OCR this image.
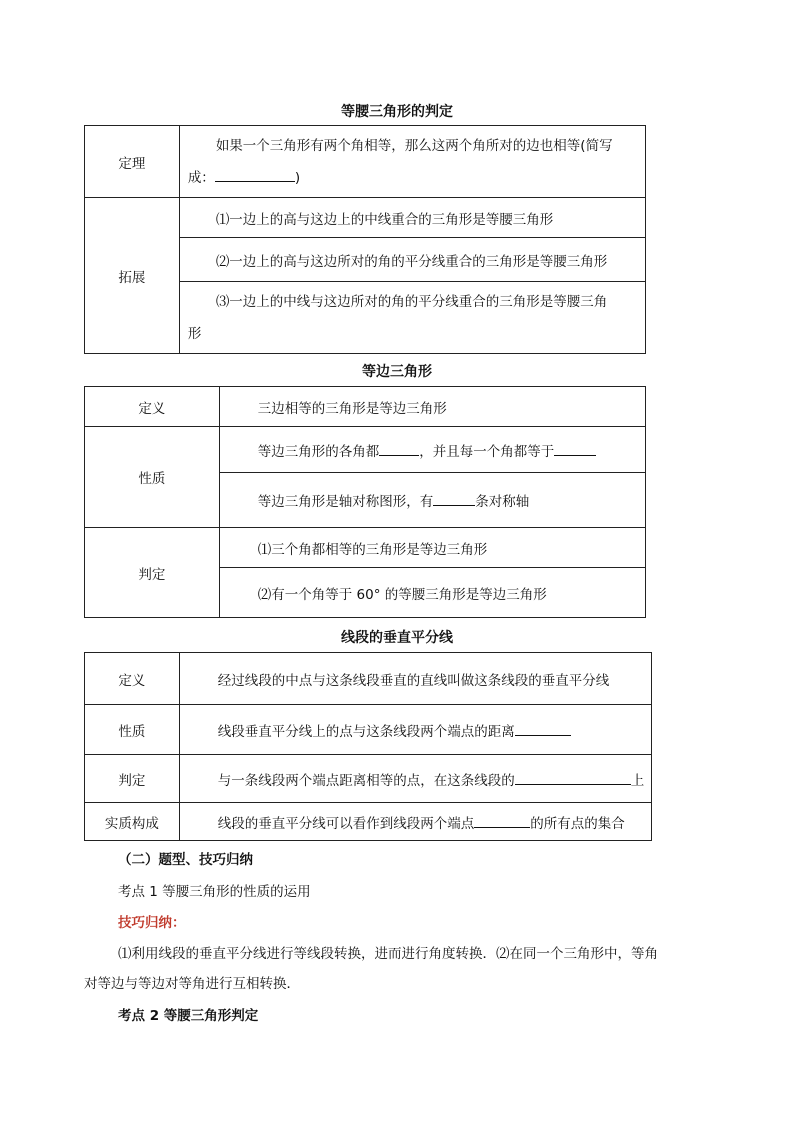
等腰三角形的判定
定理	如果一个三角形有两个角相等，那么这两个角所对的边也相等(简写
成： )
拓展	⑴一边上的高与这边上的中线重合的三角形是等腰三角形
	⑵一边上的高与这边所对的角的平分线重合的三角形是等腰三角形
	⑶一边上的中线与这边所对的角的平分线重合的三角形是等腰三角
形
等边三角形
定义	三边相等的三角形是等边三角形
性质	等边三角形的各角都 ，并且每一个角都等于
	等边三角形是轴对称图形，有 条对称轴
判定	⑴三个角都相等的三角形是等边三角形
	⑵有一个角等于 60° 的等腰三角形是等边三角形
线段的垂直平分线
定义	经过线段的中点与这条线段垂直的直线叫做这条线段的垂直平分线
性质	线段垂直平分线上的点与这条线段两个端点的距离
判定	与一条线段两个端点距离相等的点，在这条线段的 上
实质构成	线段的垂直平分线可以看作到线段两个端点 的所有点的集合
（二）题型、技巧归纳
考点 1 等腰三角形的性质的运用
技巧归纳：
⑴利用线段的垂直平分线进行等线段转换，进而进行角度转换．⑵在同一个三角形中，等角
对等边与等边对等角进行互相转换．
考点 2 等腰三角形判定
